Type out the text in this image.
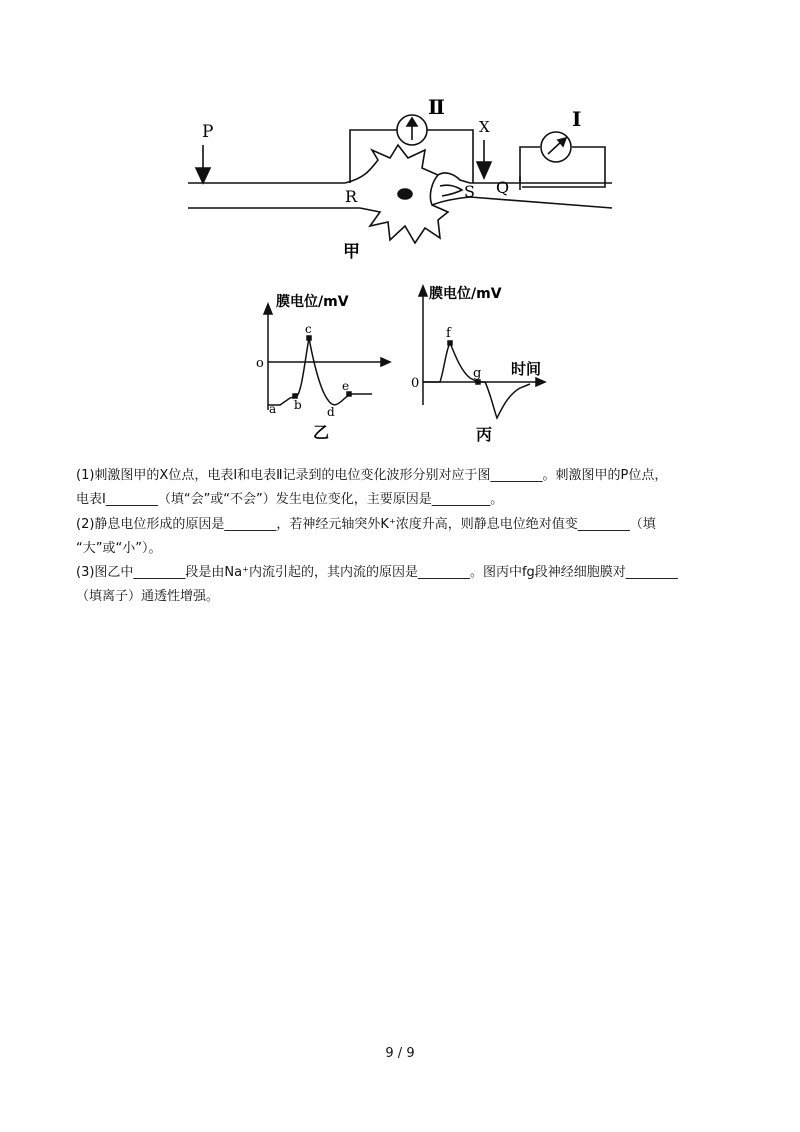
P	X
R	S Q
Ⅱ	I
甲
膜电位/mV
o
a b
c
d
e
乙
膜电位/mV
0
时间
f
g
丙
(1)刺激图甲的X位点，电表Ⅰ和电表Ⅱ记录到的电位变化波形分别对应于图________。刺激图甲的P位点，
电表Ⅰ________（填“会”或“不会”）发生电位变化，主要原因是_________。
(2)静息电位形成的原因是________，若神经元轴突外K⁺浓度升高，则静息电位绝对值变________（填
“大”或“小”）。
(3)图乙中________段是由Na⁺内流引起的，其内流的原因是________。图丙中fg段神经细胞膜对________
（填离子）通透性增强。
9 / 9
